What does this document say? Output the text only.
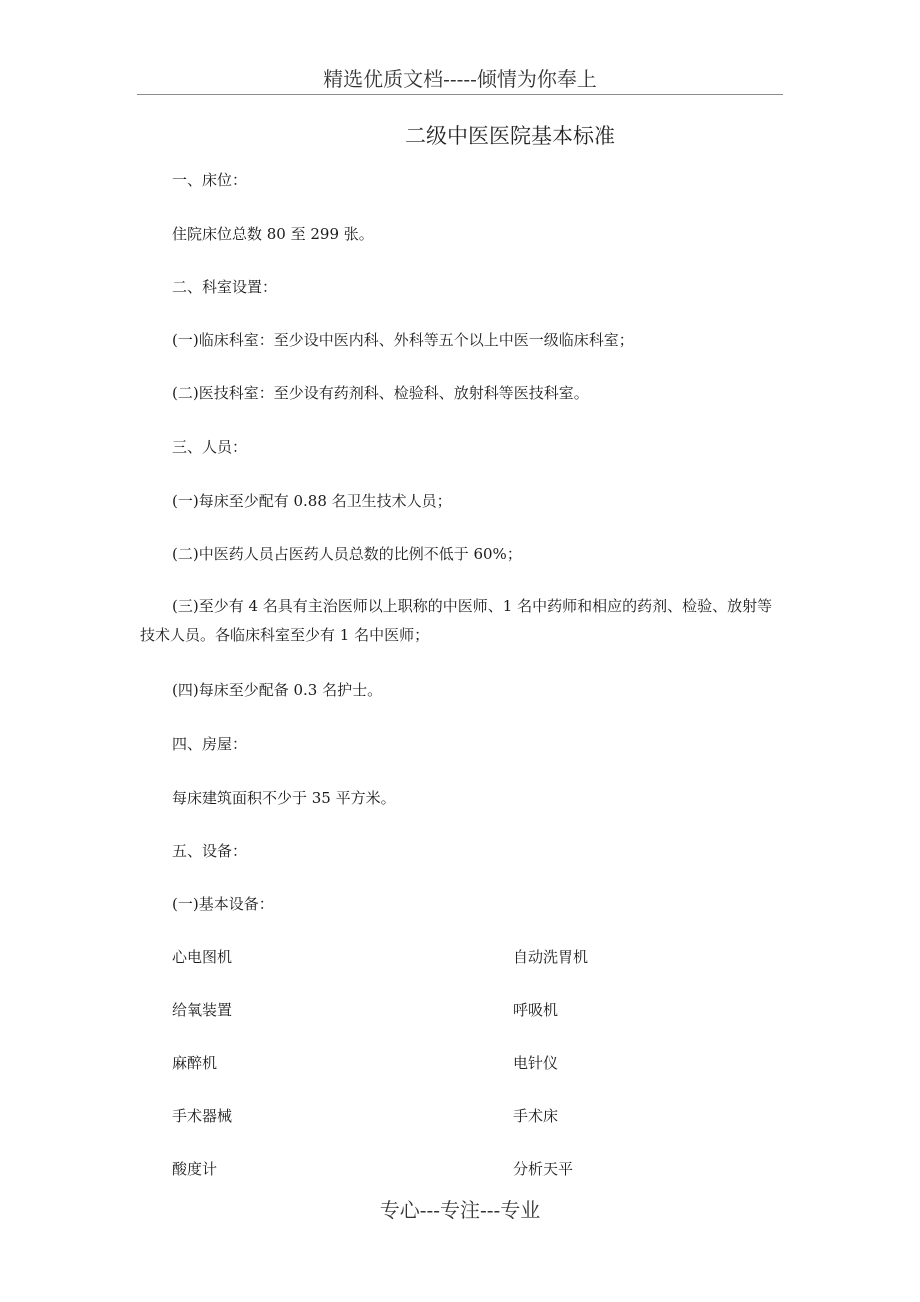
精选优质文档-----倾情为你奉上
二级中医医院基本标准
一、床位：
住院床位总数 80 至 299 张。
二、科室设置：
(一)临床科室：至少设中医内科、外科等五个以上中医一级临床科室；
(二)医技科室：至少设有药剂科、检验科、放射科等医技科室。
三、人员：
(一)每床至少配有 0.88 名卫生技术人员；
(二)中医药人员占医药人员总数的比例不低于 60%；
(三)至少有 4 名具有主治医师以上职称的中医师、1 名中药师和相应的药剂、检验、放射等技术人员。各临床科室至少有 1 名中医师；
(四)每床至少配备 0.3 名护士。
四、房屋：
每床建筑面积不少于 35 平方米。
五、设备：
(一)基本设备：
心电图机	自动洗胃机
给氧装置	呼吸机
麻醉机	电针仪
手术器械	手术床
酸度计	分析天平
专心---专注---专业
